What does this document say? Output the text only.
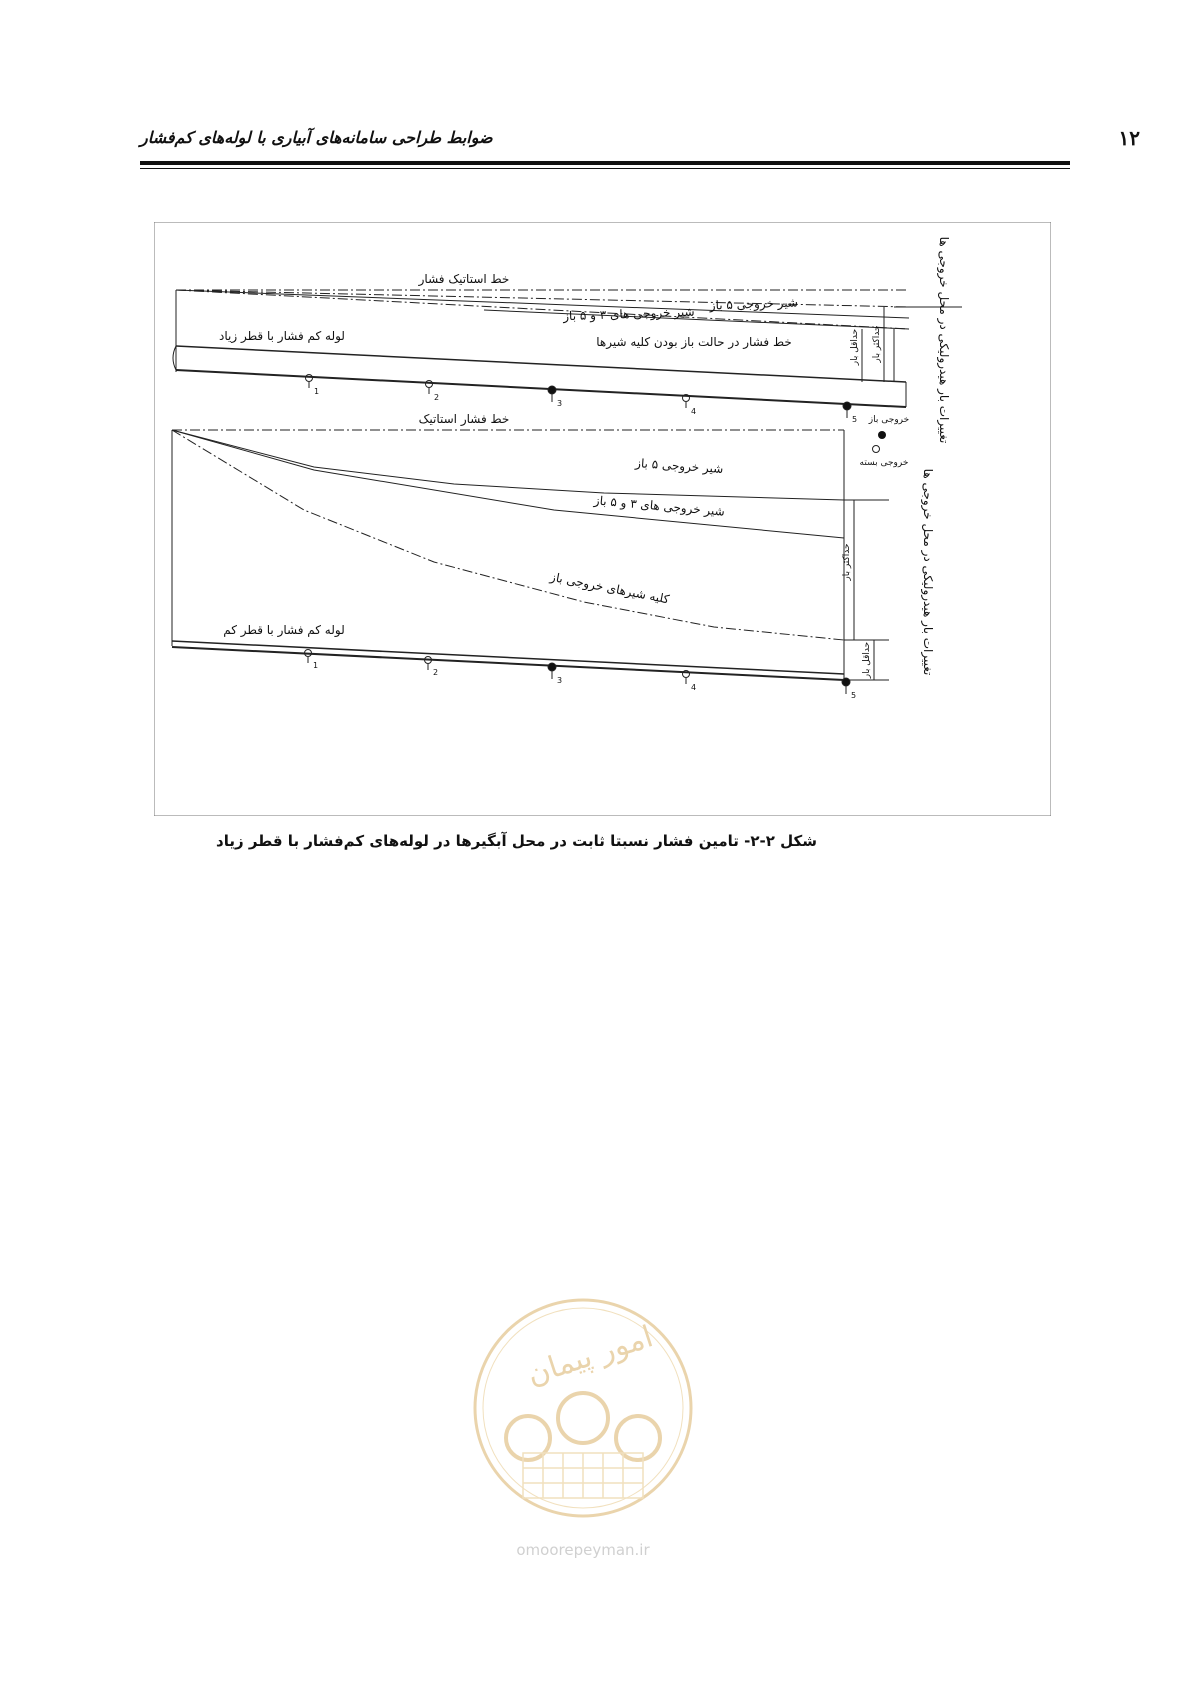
۱۲
ضوابط طراحی سامانه‌های آبیاری با لوله‌های کم‌فشار
1
2
3
4
5
خط استاتیک فشار
شیر خروجی ۵ باز
شیر خروجی های ۳ و ۵ باز
خط فشار در حالت باز بودن کلیه شیرها
لوله کم فشار با قطر زیاد	حداقل بار حداکثر بار
1
2
3
4
5
خط فشار استاتیک
شیر خروجی ۵ باز
شیر خروجی های ۳ و ۵ باز
کلیه شیرهای خروجی باز
لوله کم فشار با قطر کم
حداکثر بار
حداقل بار
خروجی باز
خروجی بسته
تغییرات بار هیدرولیکی در محل خروجی ها
تغییرات بار هیدرولیکی در محل خروجی ها
شکل ۲-۲- تامین فشار نسبتا ثابت در محل آبگیرها در لوله‌های کم‌فشار با قطر زیاد
امور پیمان
omoorepeyman.ir
